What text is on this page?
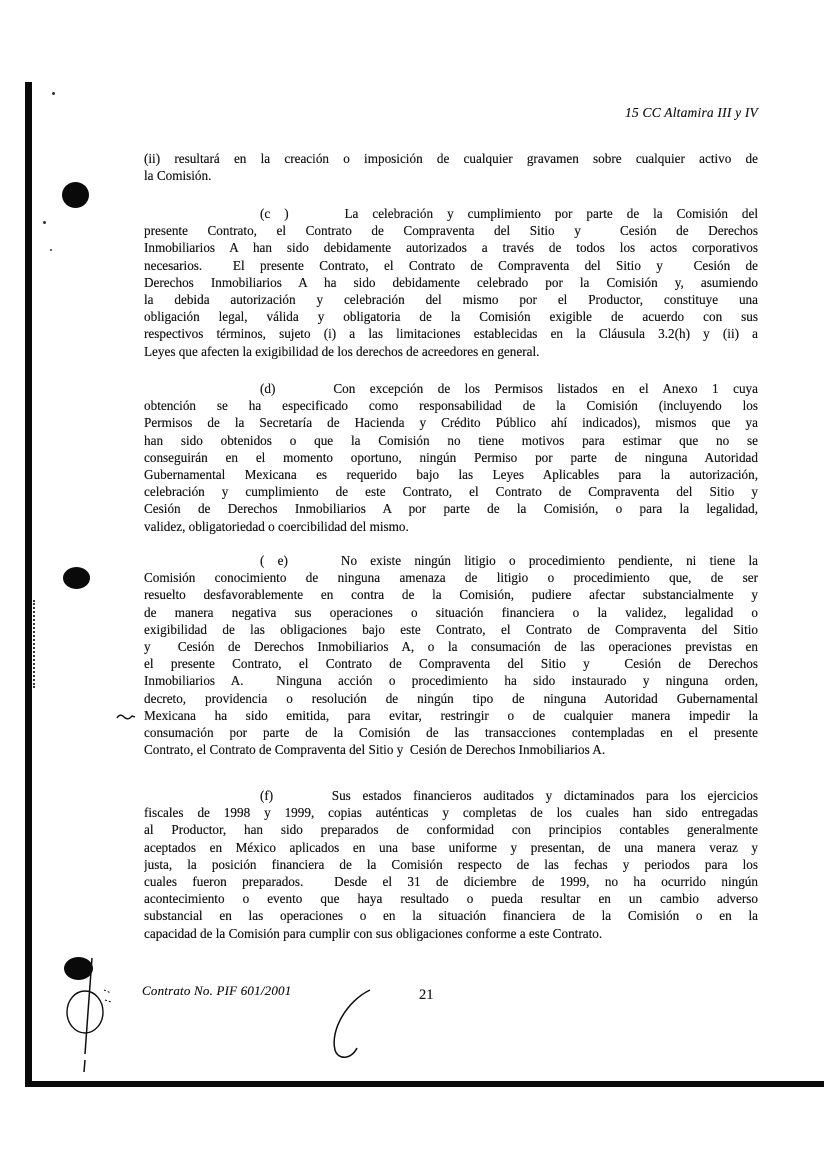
15 CC Altamira III y IV
(ii) resultará en la creación o imposición de cualquier gravamen sobre cualquier activo de
la Comisión.
(c )    La celebración y cumplimiento por parte de la Comisión del
presente Contrato, el Contrato de Compraventa del Sitio y  Cesión de Derechos
Inmobiliarios A han sido debidamente autorizados a través de todos los actos corporativos
necesarios.  El presente Contrato, el Contrato de Compraventa del Sitio y  Cesión de
Derechos Inmobiliarios A ha sido debidamente celebrado por la Comisión y, asumiendo
la debida autorización y celebración del mismo por el Productor, constituye una
obligación legal, válida y obligatoria de la Comisión exigible de acuerdo con sus
respectivos términos, sujeto (i) a las limitaciones establecidas en la Cláusula 3.2(h) y (ii) a
Leyes que afecten la exigibilidad de los derechos de acreedores en general.
(d)    Con excepción de los Permisos listados en el Anexo 1 cuya
obtención se ha especificado como responsabilidad de la Comisión (incluyendo los
Permisos de la Secretaría de Hacienda y Crédito Público ahí indicados), mismos que ya
han sido obtenidos o que la Comisión no tiene motivos para estimar que no se
conseguirán en el momento oportuno, ningún Permiso por parte de ninguna Autoridad
Gubernamental Mexicana es requerido bajo las Leyes Aplicables para la autorización,
celebración y cumplimiento de este Contrato, el Contrato de Compraventa del Sitio y
Cesión de Derechos Inmobiliarios A por parte de la Comisión, o para la legalidad,
validez, obligatoriedad o coercibilidad del mismo.
( e)    No existe ningún litigio o procedimiento pendiente, ni tiene la
Comisión conocimiento de ninguna amenaza de litigio o procedimiento que, de ser
resuelto desfavorablemente en contra de la Comisión, pudiere afectar substancialmente y
de manera negativa sus operaciones o situación financiera o la validez, legalidad o
exigibilidad de las obligaciones bajo este Contrato, el Contrato de Compraventa del Sitio
y  Cesión de Derechos Inmobiliarios A, o la consumación de las operaciones previstas en
el presente Contrato, el Contrato de Compraventa del Sitio y  Cesión de Derechos
Inmobiliarios A.  Ninguna acción o procedimiento ha sido instaurado y ninguna orden,
decreto, providencia o resolución de ningún tipo de ninguna Autoridad Gubernamental
Mexicana ha sido emitida, para evitar, restringir o de cualquier manera impedir la
consumación por parte de la Comisión de las transacciones contempladas en el presente
Contrato, el Contrato de Compraventa del Sitio y  Cesión de Derechos Inmobiliarios A.
(f)     Sus estados financieros auditados y dictaminados para los ejercicios
fiscales de 1998 y 1999, copias auténticas y completas de los cuales han sido entregadas
al Productor, han sido preparados de conformidad con principios contables generalmente
aceptados en México aplicados en una base uniforme y presentan, de una manera veraz y
justa, la posición financiera de la Comisión respecto de las fechas y periodos para los
cuales fueron preparados.  Desde el 31 de diciembre de 1999, no ha ocurrido ningún
acontecimiento o evento que haya resultado o pueda resultar en un cambio adverso
substancial en las operaciones o en la situación financiera de la Comisión o en la
capacidad de la Comisión para cumplir con sus obligaciones conforme a este Contrato.
Contrato No. PIF 601/2001	21
